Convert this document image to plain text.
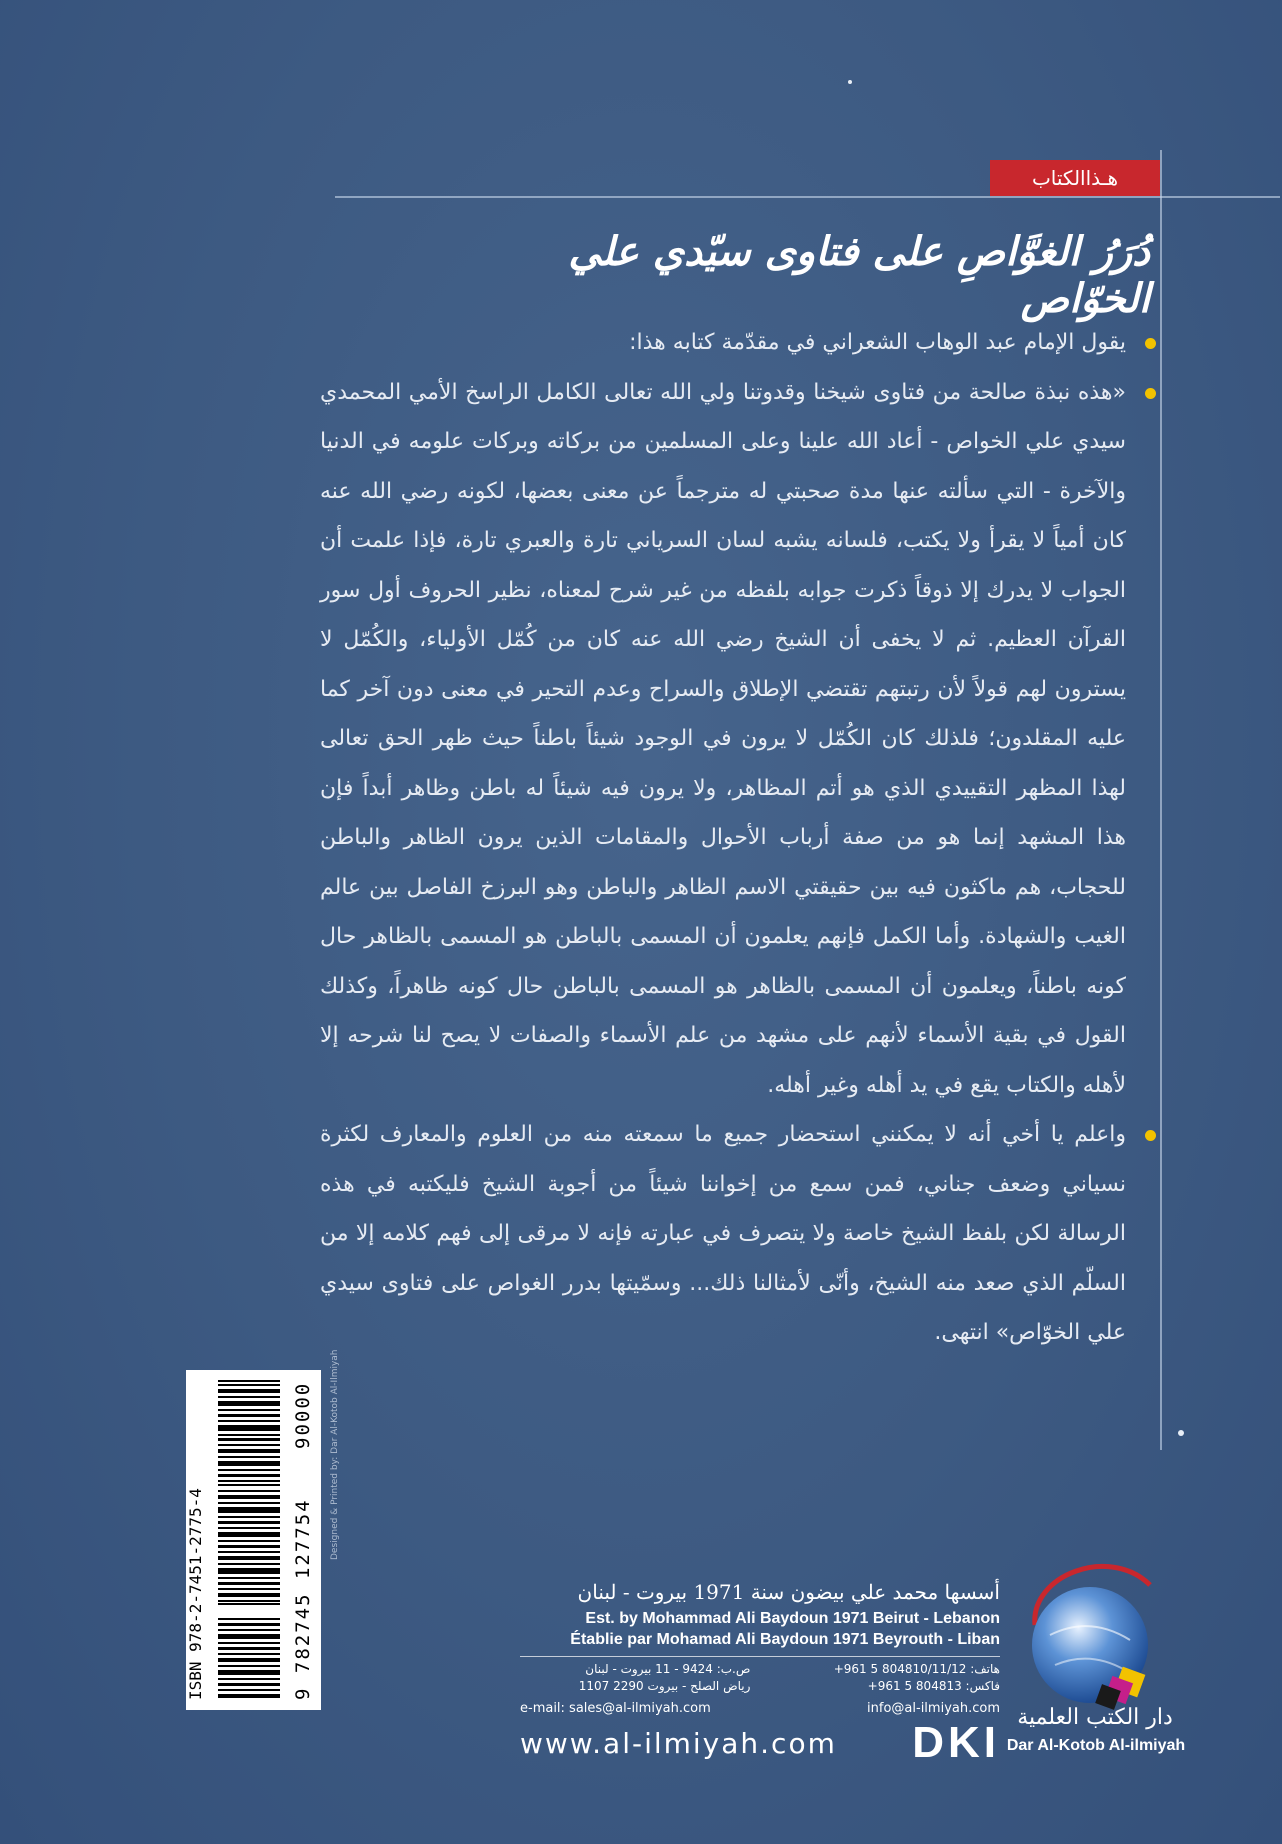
هـذاالكتاب
دُرَرُ الغوَّاصِ على فتاوى سيّدي علي الخوّاص

يقول الإمام عبد الوهاب الشعراني في مقدّمة كتابه هذا:

«هذه نبذة صالحة من فتاوى شيخنا وقدوتنا ولي الله تعالى الكامل الراسخ الأمي المحمدي سيدي علي الخواص - أعاد الله علينا وعلى المسلمين من بركاته وبركات علومه في الدنيا والآخرة - التي سألته عنها مدة صحبتي له مترجماً عن معنى بعضها، لكونه رضي الله عنه كان أمياً لا يقرأ ولا يكتب، فلسانه يشبه لسان السرياني تارة والعبري تارة، فإذا علمت أن الجواب لا يدرك إلا ذوقاً ذكرت جوابه بلفظه من غير شرح لمعناه، نظير الحروف أول سور القرآن العظيم. ثم لا يخفى أن الشيخ رضي الله عنه كان من كُمّل الأولياء، والكُمّل لا يسترون لهم قولاً لأن رتبتهم تقتضي الإطلاق والسراح وعدم التحير في معنى دون آخر كما عليه المقلدون؛ فلذلك كان الكُمّل لا يرون في الوجود شيئاً باطناً حيث ظهر الحق تعالى لهذا المظهر التقييدي الذي هو أتم المظاهر، ولا يرون فيه شيئاً له باطن وظاهر أبداً فإن هذا المشهد إنما هو من صفة أرباب الأحوال والمقامات الذين يرون الظاهر والباطن للحجاب، هم ماكثون فيه بين حقيقتي الاسم الظاهر والباطن وهو البرزخ الفاصل بين عالم الغيب والشهادة. وأما الكمل فإنهم يعلمون أن المسمى بالباطن هو المسمى بالظاهر حال كونه باطناً، ويعلمون أن المسمى بالظاهر هو المسمى بالباطن حال كونه ظاهراً، وكذلك القول في بقية الأسماء لأنهم على مشهد من علم الأسماء والصفات لا يصح لنا شرحه إلا لأهله والكتاب يقع في يد أهله وغير أهله.

واعلم يا أخي أنه لا يمكنني استحضار جميع ما سمعته منه من العلوم والمعارف لكثرة نسياني وضعف جناني، فمن سمع من إخواننا شيئاً من أجوبة الشيخ فليكتبه في هذه الرسالة لكن بلفظ الشيخ خاصة ولا يتصرف في عبارته فإنه لا مرقى إلى فهم كلامه إلا من السلّم الذي صعد منه الشيخ، وأنّى لأمثالنا ذلك... وسمّيتها بدرر الغواص على فتاوى سيدي علي الخوّاص» انتهى.

ISBN 978-2-7451-2775-4	9 782745 127754 90000	Designed & Printed by: Dar Al-Kotob Al-Ilmiyah
أسسها محمد علي بيضون سنة 1971 بيروت - لبنان
Est. by Mohammad Ali Baydoun 1971 Beirut - Lebanon
Établie par Mohamad Ali Baydoun 1971 Beyrouth - Liban
ص.ب: 9424 - 11 بيروت - لبنان
رياض الصلح - بيروت 2290 1107
هاتف: 804810/11/12 5 961+
فاكس: 804813 5 961+
e-mail: sales@al-ilmiyah.com	info@al-ilmiyah.com
www.al-ilmiyah.com DKI
دار الكتب العلمية
Dar Al-Kotob Al-ilmiyah
